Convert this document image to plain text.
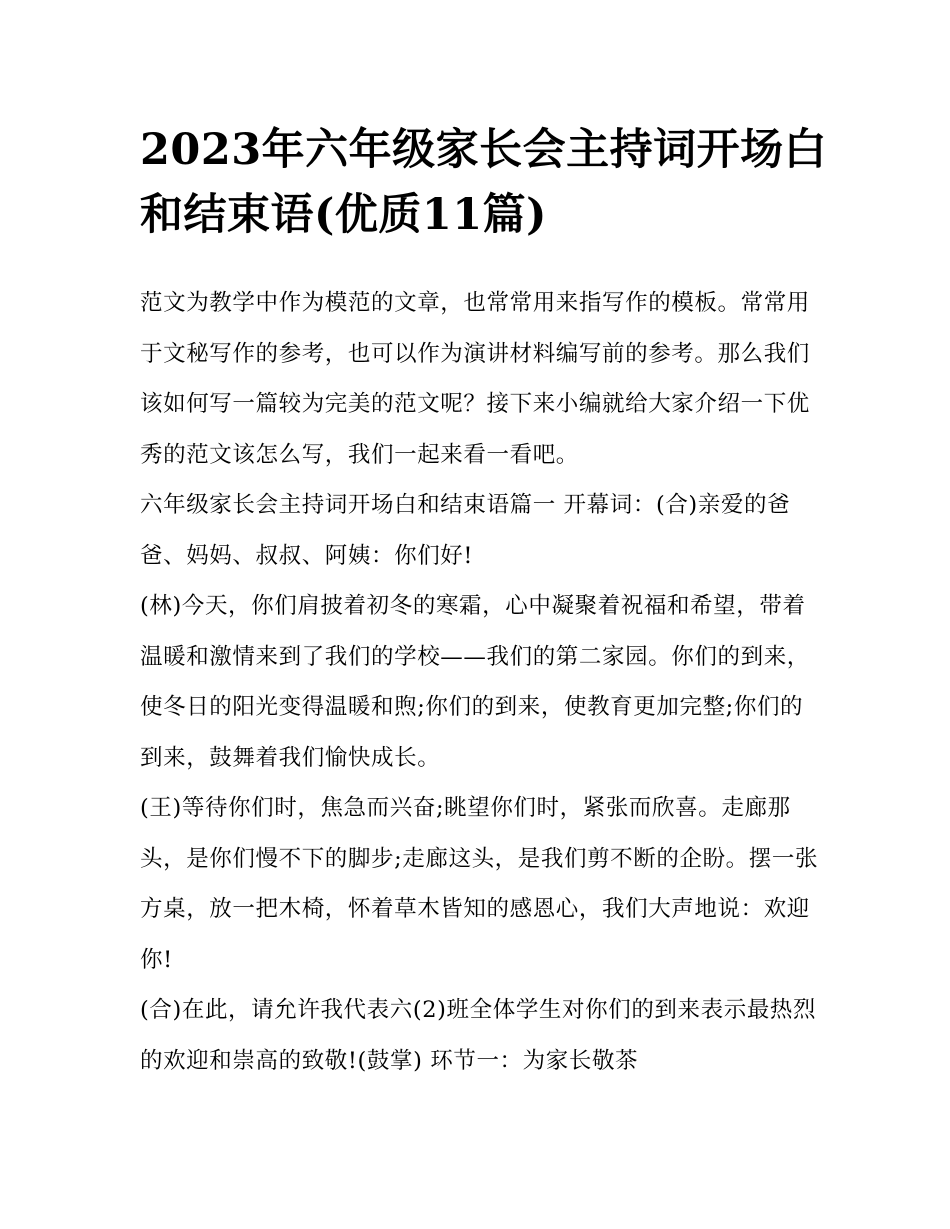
2023年六年级家长会主持词开场白和结束语(优质11篇)

范文为教学中作为模范的文章，也常常用来指写作的模板。常常用于文秘写作的参考，也可以作为演讲材料编写前的参考。那么我们该如何写一篇较为完美的范文呢？接下来小编就给大家介绍一下优秀的范文该怎么写，我们一起来看一看吧。

六年级家长会主持词开场白和结束语篇一 开幕词：(合)亲爱的爸爸、妈妈、叔叔、阿姨：你们好!

(林)今天，你们肩披着初冬的寒霜，心中凝聚着祝福和希望，带着温暖和激情来到了我们的学校——我们的第二家园。你们的到来，使冬日的阳光变得温暖和煦;你们的到来，使教育更加完整;你们的到来，鼓舞着我们愉快成长。

(王)等待你们时，焦急而兴奋;眺望你们时，紧张而欣喜。走廊那头，是你们慢不下的脚步;走廊这头，是我们剪不断的企盼。摆一张方桌，放一把木椅，怀着草木皆知的感恩心，我们大声地说：欢迎你!

(合)在此，请允许我代表六(2)班全体学生对你们的到来表示最热烈的欢迎和崇高的致敬!(鼓掌) 环节一：为家长敬茶
